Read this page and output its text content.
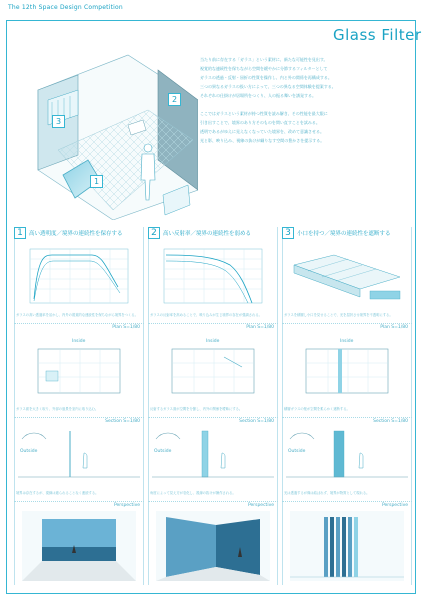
The 12th Space Design Competition
Glass Filter
当たり前に存在する「ガラス」という素材に、新たな可能性を見出す。
視覚的な連続性を保ちながら空間を緩やかに分節するフィルターとして
ガラスの透過・反射・屈折の性質を操作し、内と外の関係を再構成する。
三つの異なるガラスの扱い方によって、三つの異なる空間体験を提案する。
それぞれの仕掛けが居場所をつくり、人の振る舞いを誘発する。

ここではガラスという素材が持つ性質を読み解き、その性能を最大限に
引き出すことで、境界のあり方そのものを問い直すことを試みる。
透明であるがゆえに見えなくなっていた境界を、改めて意識させる。
光と影、映り込み、視線の抜けが織りなす空間の豊かさを提示する。
1
2
3
1	高い透明度／境界の連続性を保存する
ガラスの高い透過率を活かし、内外の視覚的な連続性を保ちながら境界をつくる。
Plan S=1/80
Inside
ガラス面を大きく取り、外部の風景を室内に取り込む。
Section S=1/80
Outside
境界は存在するが、視線は遮られることなく連続する。
Perspective
2	高い反射率／境界の連続性を弱める
ガラスの反射率を高めることで、映り込みが生じ境界の存在が強調される。
Plan S=1/80
Inside
反射するガラス面が空間を分節し、内外の関係を曖昧にする。
Section S=1/80
Outside
角度によって見え方が変化し、視線の抜けが操作される。
Perspective
3	小口を持つ／境界の連続性を遮断する
ガラスを積層し小口を見せることで、光を屈折させ境界を不透明にする。
Plan S=1/80
Inside
積層ガラスの壁が空間を柔らかく遮断する。
Section S=1/80
Outside
光は透過するが像は結ばれず、境界が物質として現れる。
Perspective
